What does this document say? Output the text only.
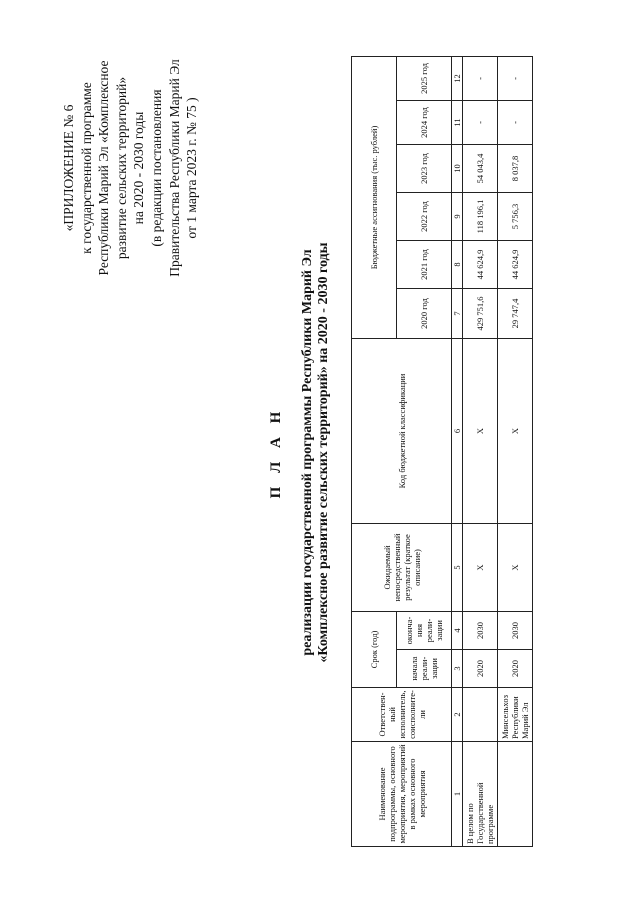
«ПРИЛОЖЕНИЕ № 6 к государственной программе Республики Марий Эл «Комплексное развитие сельских территорий» на 2020 - 2030 годы (в редакции постановления Правительства Республики Марий Эл от 1 марта 2023 г. № 75 )
П Л А Н реализации государственной программы Республики Марий Эл «Комплексное развитие сельских территорий» на 2020 - 2030 годы
Наименование подпрограммы, основного мероприятия, мероприятий в рамках основного мероприятия	Ответствен-ный исполнитель, соисполните-ли	Срок (год)		Ожидаемый непосредственный результат (краткое описание)	Код бюджетной классификации	Бюджетные ассигнования (тыс. рублей)					
		начала реали-зации	оконча-ния реали-зации			2020 год	2021 год	2022 год	2023 год	2024 год	2025 год
1	2	3	4	5	6	7	8	9	10	11	12
В целом по Государственной программе		2020	2030	X	X	429 751,6	44 624,9	118 196,1	54 043,4	-	-
	Минсельхоз Республики Марий Эл	2020	2030	X	X	29 747,4	44 624,9	5 756,3	8 037,8	-	-
